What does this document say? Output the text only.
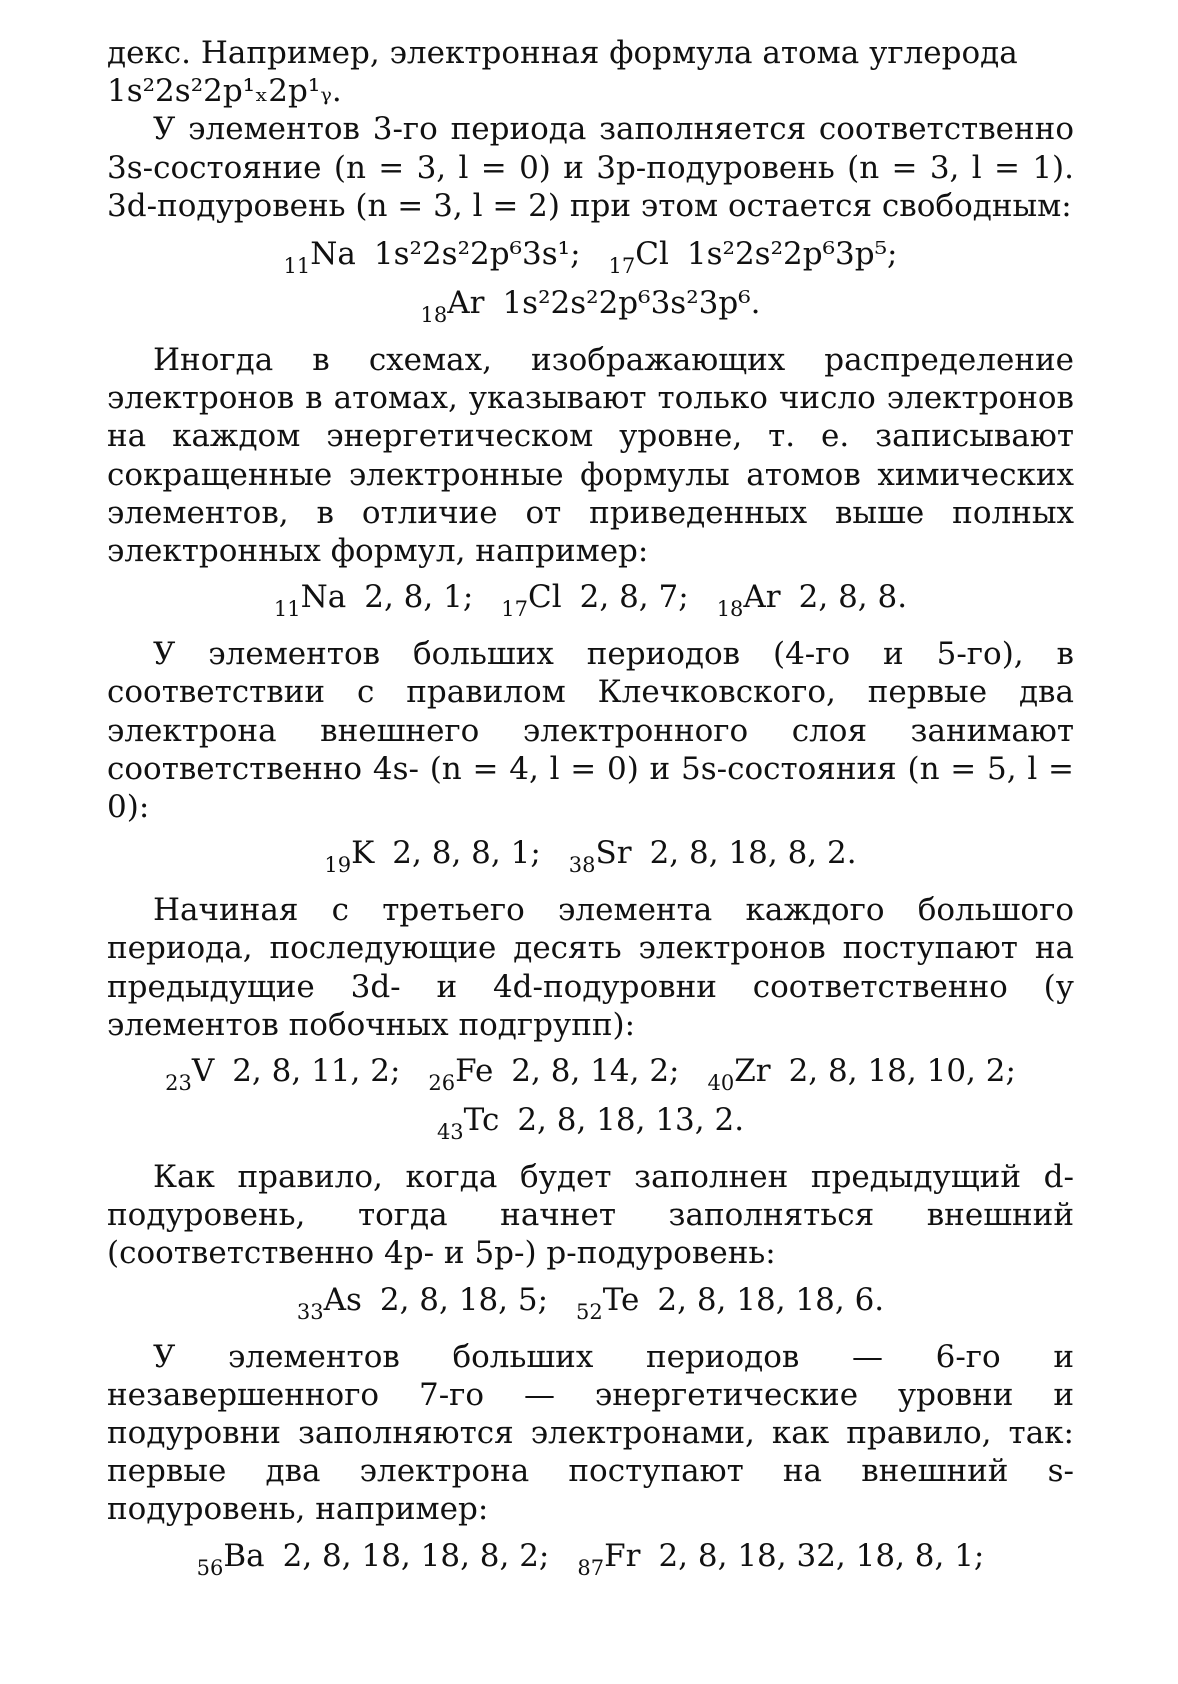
декс. Например, электронная формула атома углерода
1s²2s²2p¹ₓ2p¹ᵧ.

У элементов 3-го периода заполняется соответственно 3s-состояние (n = 3, l = 0) и 3p-подуровень (n = 3, l = 1). 3d-подуровень (n = 3, l = 2) при этом остается свободным:

$_{11}$Na 1s²2s²2p⁶3s¹; $_{17}$Cl 1s²2s²2p⁶3p⁵;
$_{18}$Ar 1s²2s²2p⁶3s²3p⁶.

Иногда в схемах, изображающих распределение электронов в атомах, указывают только число электронов на каждом энергетическом уровне, т. е. записывают сокращенные электронные формулы атомов химических элементов, в отличие от приведенных выше полных электронных формул, например:

$_{11}$Na 2, 8, 1; $_{17}$Cl 2, 8, 7; $_{18}$Ar 2, 8, 8.

У элементов больших периодов (4-го и 5-го), в соответствии с правилом Клечковского, первые два электрона внешнего электронного слоя занимают соответственно 4s- (n = 4, l = 0) и 5s-состояния (n = 5, l = 0):

$_{19}$K 2, 8, 8, 1; $_{38}$Sr 2, 8, 18, 8, 2.

Начиная с третьего элемента каждого большого периода, последующие десять электронов поступают на предыдущие 3d- и 4d-подуровни соответственно (у элементов побочных подгрупп):

$_{23}$V 2, 8, 11, 2; $_{26}$Fe 2, 8, 14, 2; $_{40}$Zr 2, 8, 18, 10, 2;
$_{43}$Tc 2, 8, 18, 13, 2.

Как правило, когда будет заполнен предыдущий d-подуровень, тогда начнет заполняться внешний (соответственно 4p- и 5p-) p-подуровень:

$_{33}$As 2, 8, 18, 5; $_{52}$Te 2, 8, 18, 18, 6.

У элементов больших периодов — 6-го и незавершенного 7-го — энергетические уровни и подуровни заполняются электронами, как правило, так: первые два электрона поступают на внешний s-подуровень, например:

$_{56}$Ba 2, 8, 18, 18, 8, 2; $_{87}$Fr 2, 8, 18, 32, 18, 8, 1;
